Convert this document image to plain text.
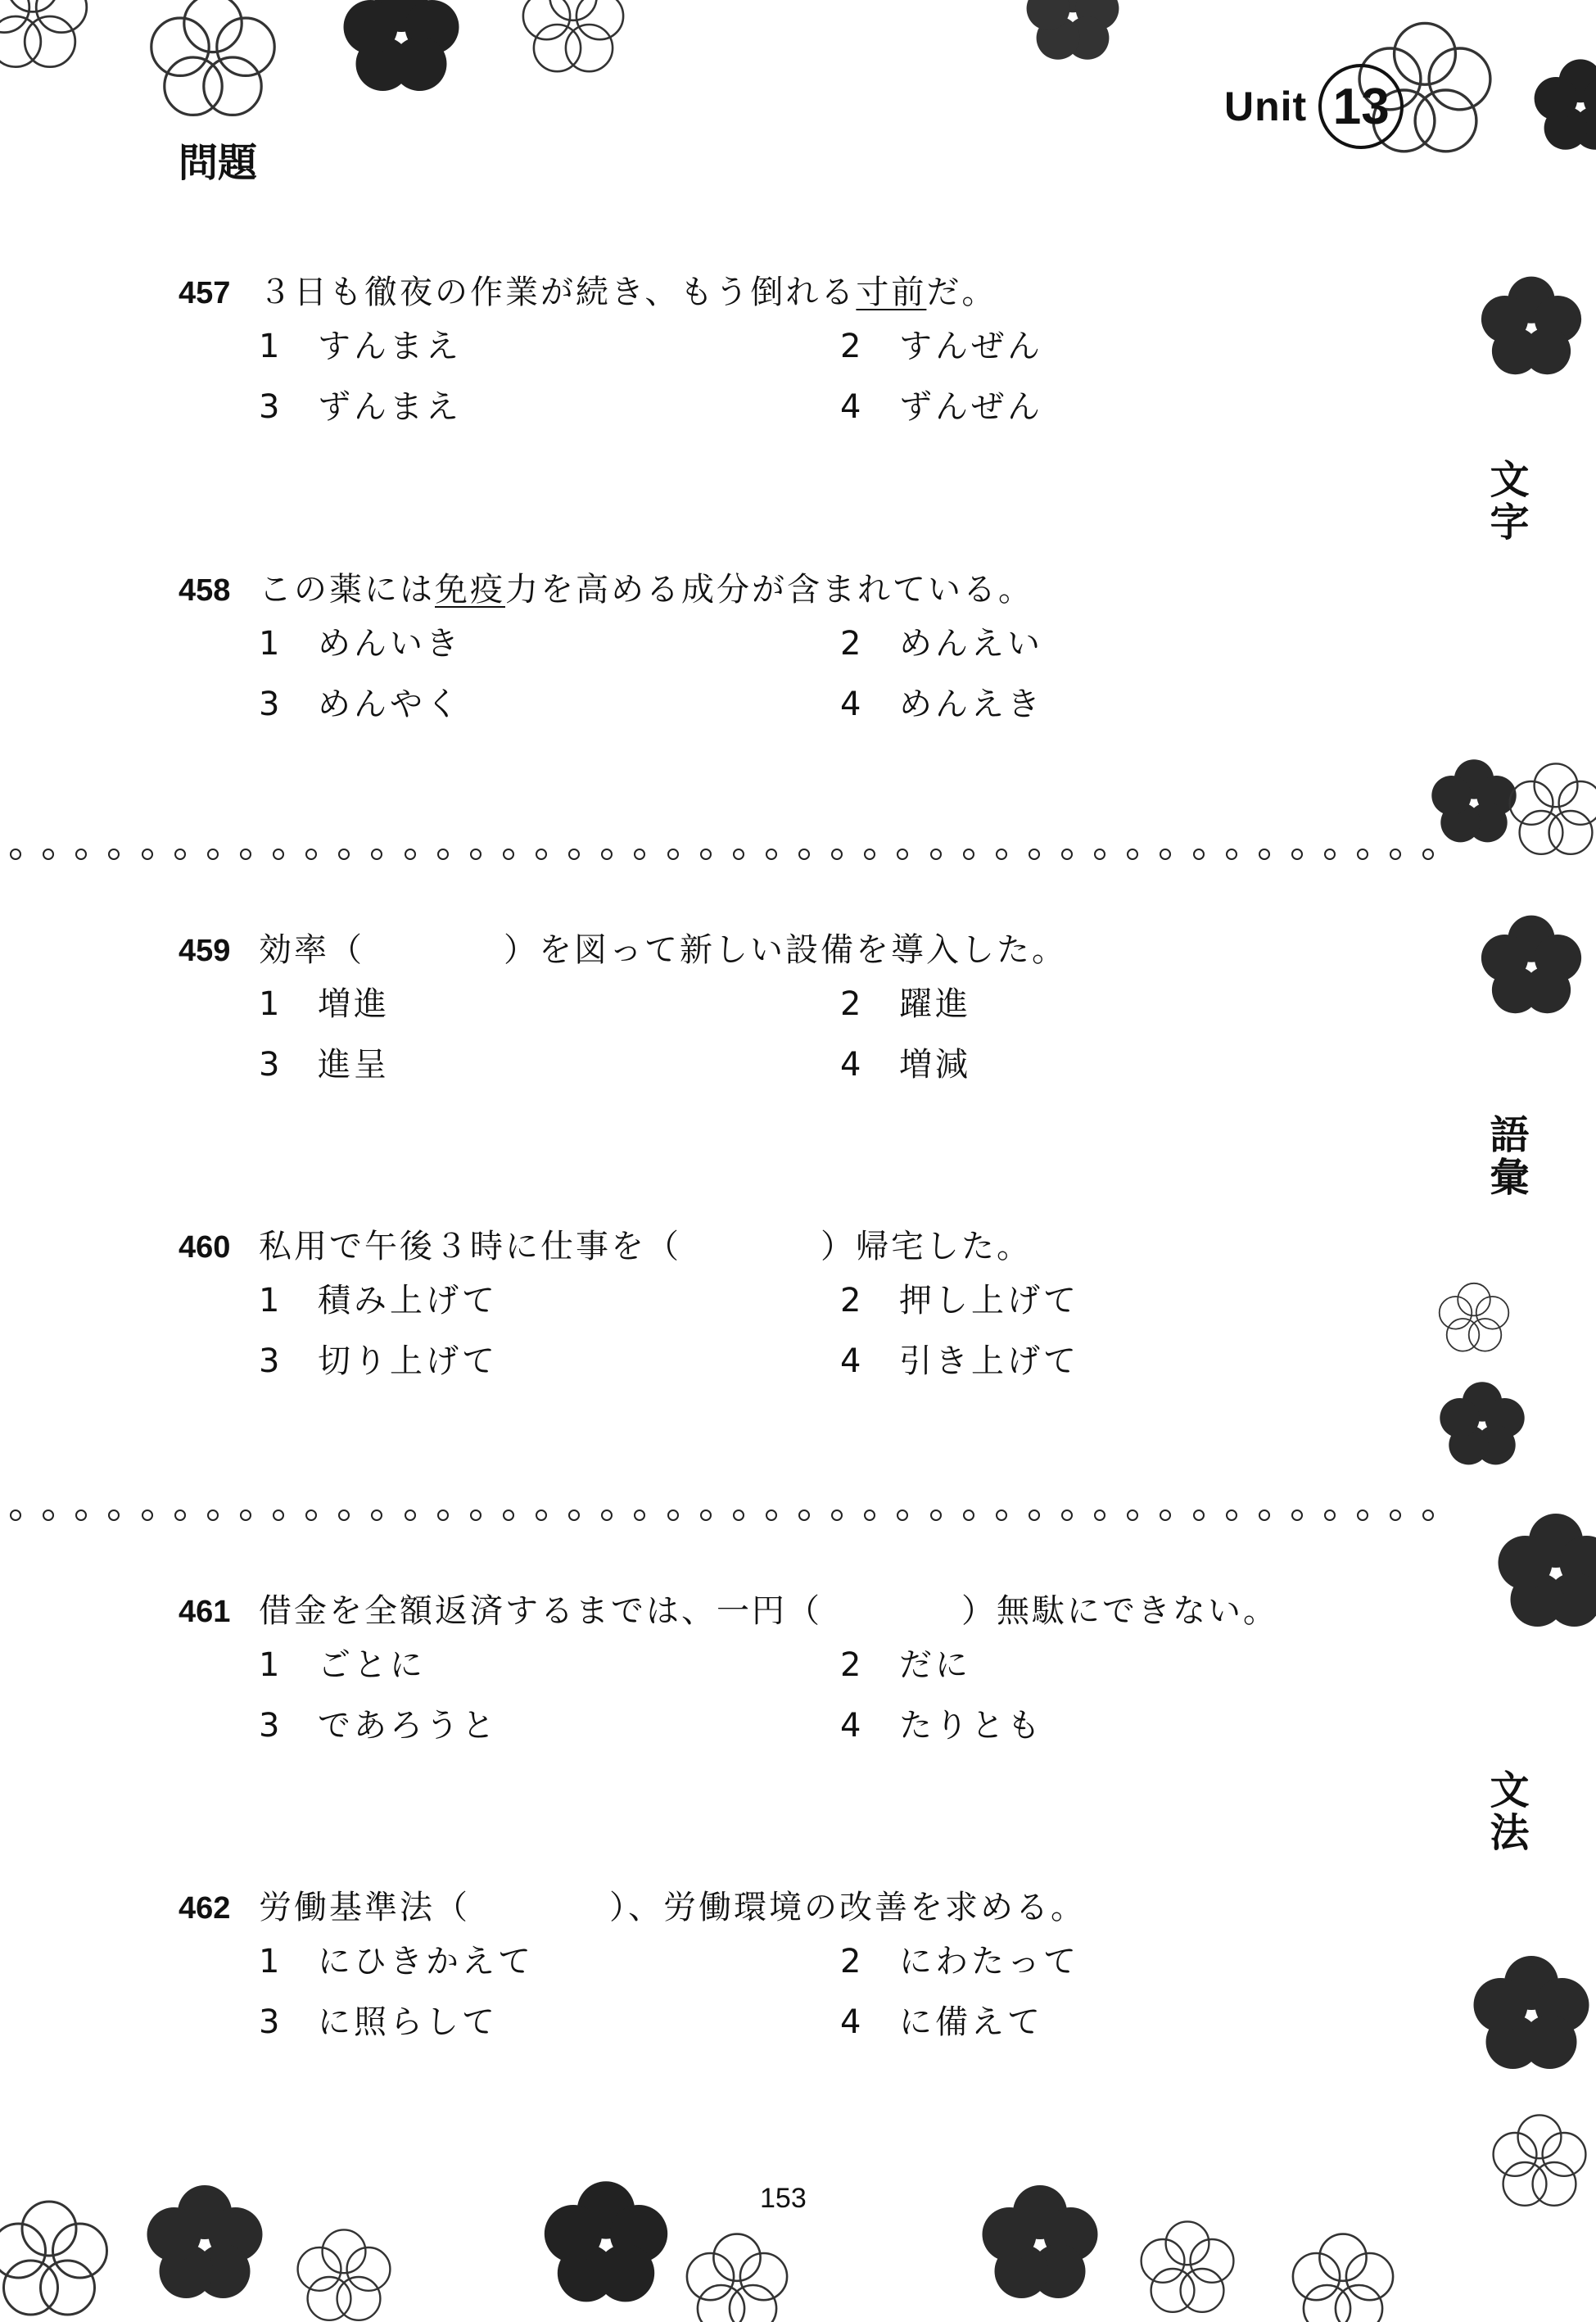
Unit 13
問題
文字
語彙
文法
457 ３日も徹夜の作業が続き、もう倒れる寸前だ。
1	すんまえ	2	すんぜん
3	ずんまえ	4	ずんぜん
458 この薬には免疫力を高める成分が含まれている。
1	めんいき	2	めんえい
3	めんやく	4	めんえき
459 効率（	）を図って新しい設備を導入した。
1	増進	2	躍進
3	進呈	4	増減
460 私用で午後３時に仕事を（	）帰宅した。
1	積み上げて	2	押し上げて
3	切り上げて	4	引き上げて
461 借金を全額返済するまでは、一円（	）無駄にできない。
1	ごとに	2	だに
3	であろうと	4	たりとも
462 労働基準法（	）、労働環境の改善を求める。
1	にひきかえて	2	にわたって
3	に照らして	4	に備えて
153
